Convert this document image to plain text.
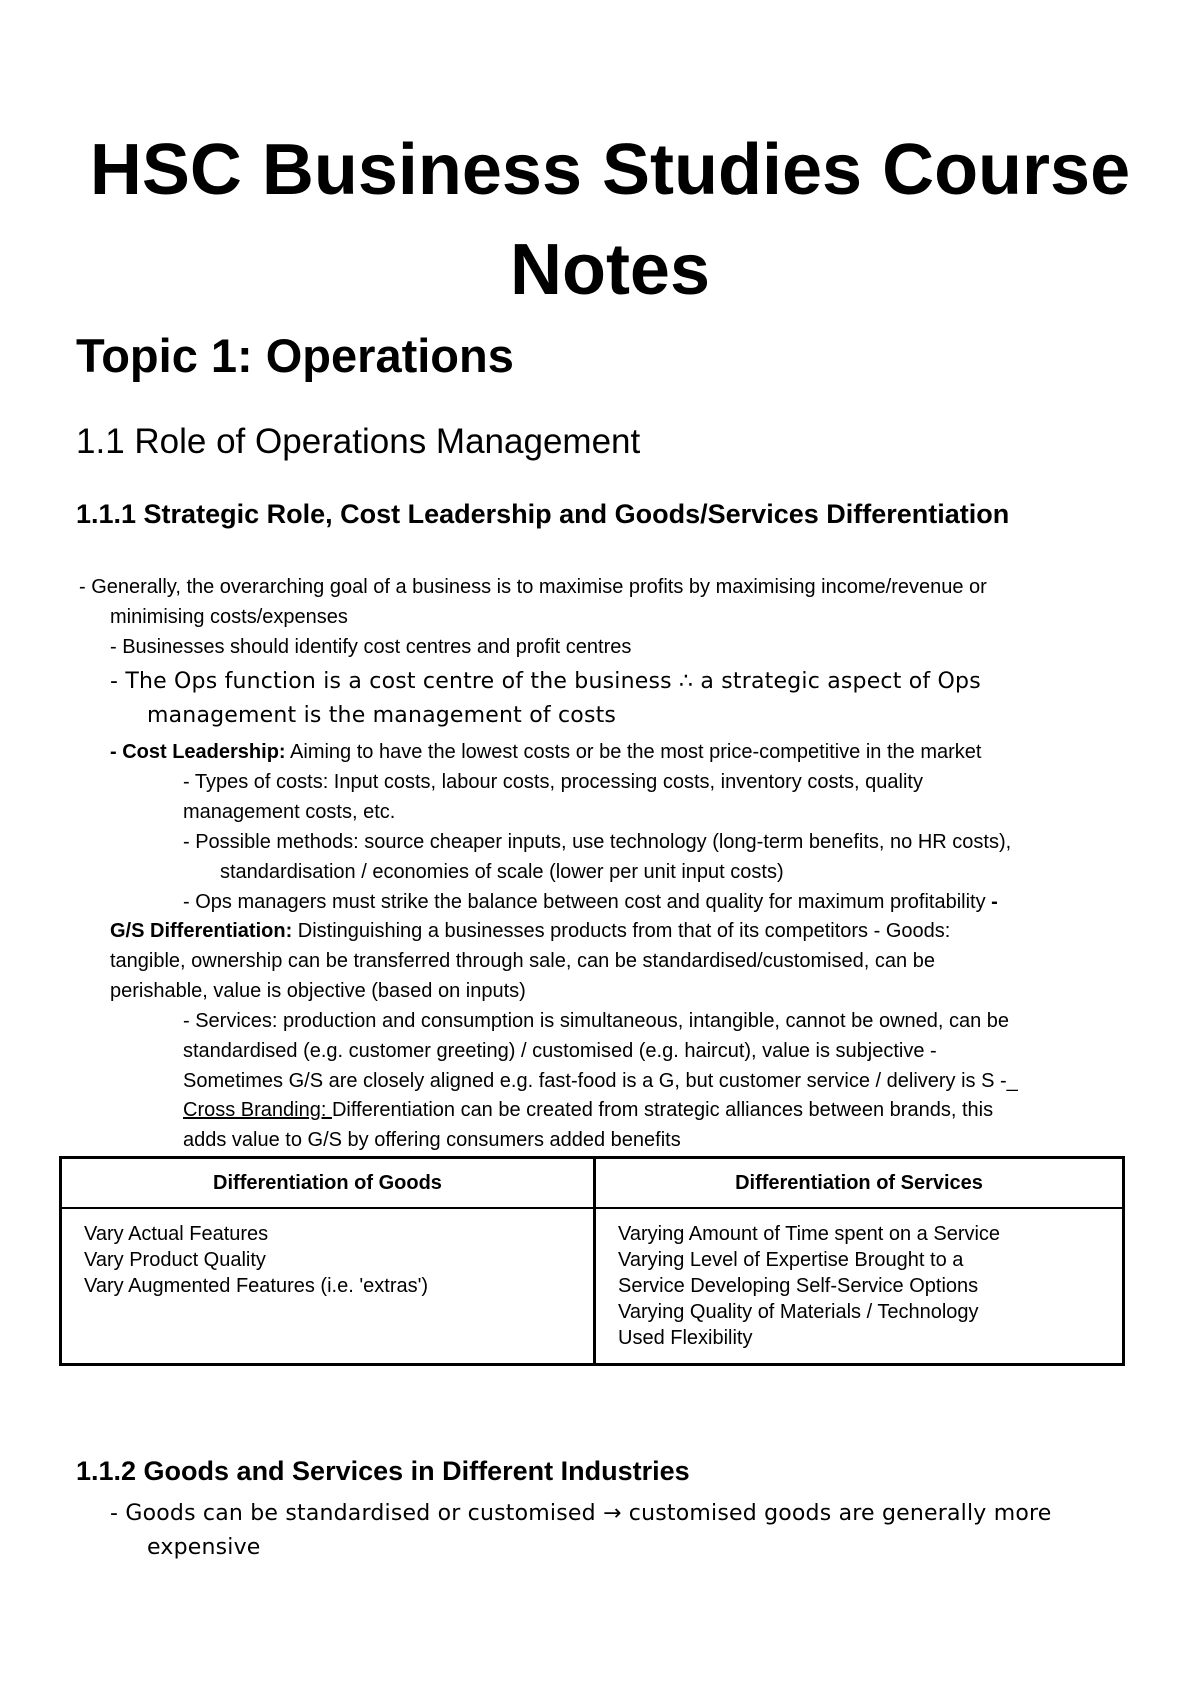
HSC Business Studies Course
Notes
Topic 1: Operations
1.1 Role of Operations Management
1.1.1 Strategic Role, Cost Leadership and Goods/Services Differentiation

- Generally, the overarching goal of a business is to maximise profits by maximising income/revenue or

minimising costs/expenses

- Businesses should identify cost centres and profit centres

- The Ops function is a cost centre of the business ∴ a strategic aspect of Ops

management is the management of costs

- Cost Leadership: Aiming to have the lowest costs or be the most price-competitive in the market

- Types of costs: Input costs, labour costs, processing costs, inventory costs, quality

management costs, etc.

- Possible methods: source cheaper inputs, use technology (long-term benefits, no HR costs),

standardisation / economies of scale (lower per unit input costs)

- Ops managers must strike the balance between cost and quality for maximum profitability -

G/S Differentiation: Distinguishing a businesses products from that of its competitors - Goods:

tangible, ownership can be transferred through sale, can be standardised/customised, can be

perishable, value is objective (based on inputs)

- Services: production and consumption is simultaneous, intangible, cannot be owned, can be

standardised (e.g. customer greeting) / customised (e.g. haircut), value is subjective -

Sometimes G/S are closely aligned e.g. fast-food is a G, but customer service / delivery is S -_

Cross Branding: Differentiation can be created from strategic alliances between brands, this

adds value to G/S by offering consumers added benefits

Differentiation of Goods	Differentiation of Services
Vary Actual Features
Vary Product Quality
Vary Augmented Features (i.e. 'extras')
Varying Amount of Time spent on a Service
Varying Level of Expertise Brought to a
Service Developing Self-Service Options
Varying Quality of Materials / Technology
Used Flexibility
1.1.2 Goods and Services in Different Industries

- Goods can be standardised or customised → customised goods are generally more

expensive
